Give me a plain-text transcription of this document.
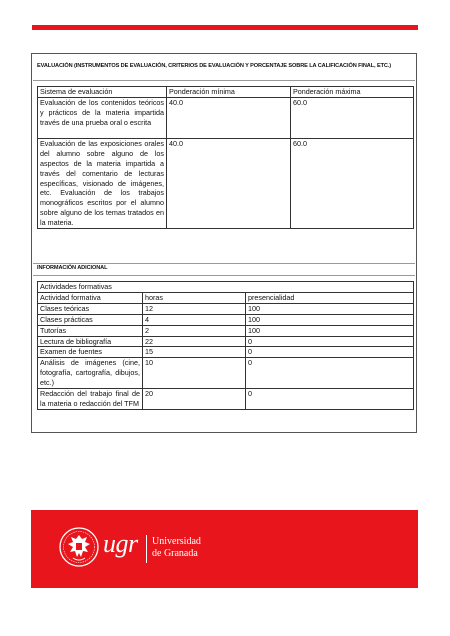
EVALUACIÓN (INSTRUMENTOS DE EVALUACIÓN, CRITERIOS DE EVALUACIÓN Y PORCENTAJE SOBRE LA CALIFICACIÓN FINAL, ETC.)
Sistema de evaluación	Ponderación mínima	Ponderación máxima
Evaluación de los contenidos teóricos y prácticos de la materia impartida través de una prueba oral o escrita	40.0	60.0
Evaluación de las exposiciones orales del alumno sobre alguno de los aspectos de la materia impartida a través del comentario de lecturas específicas, visionado de imágenes, etc. Evaluación de los trabajos monográficos escritos por el alumno sobre alguno de los temas tratados en la materia.	40.0	60.0
INFORMACIÓN ADICIONAL
Actividades formativas		
Actividad formativa	horas	presencialidad
Clases teóricas	12	100
Clases prácticas	4	100
Tutorías	2	100
Lectura de bibliografía	22	0
Examen de fuentes	15	0
Análisis de imágenes (cine, fotografía, cartografía, dibujos, etc.)	10	0
Redacción del trabajo final de la materia o redacción del TFM	20	0
ugr Universidad
de Granada
